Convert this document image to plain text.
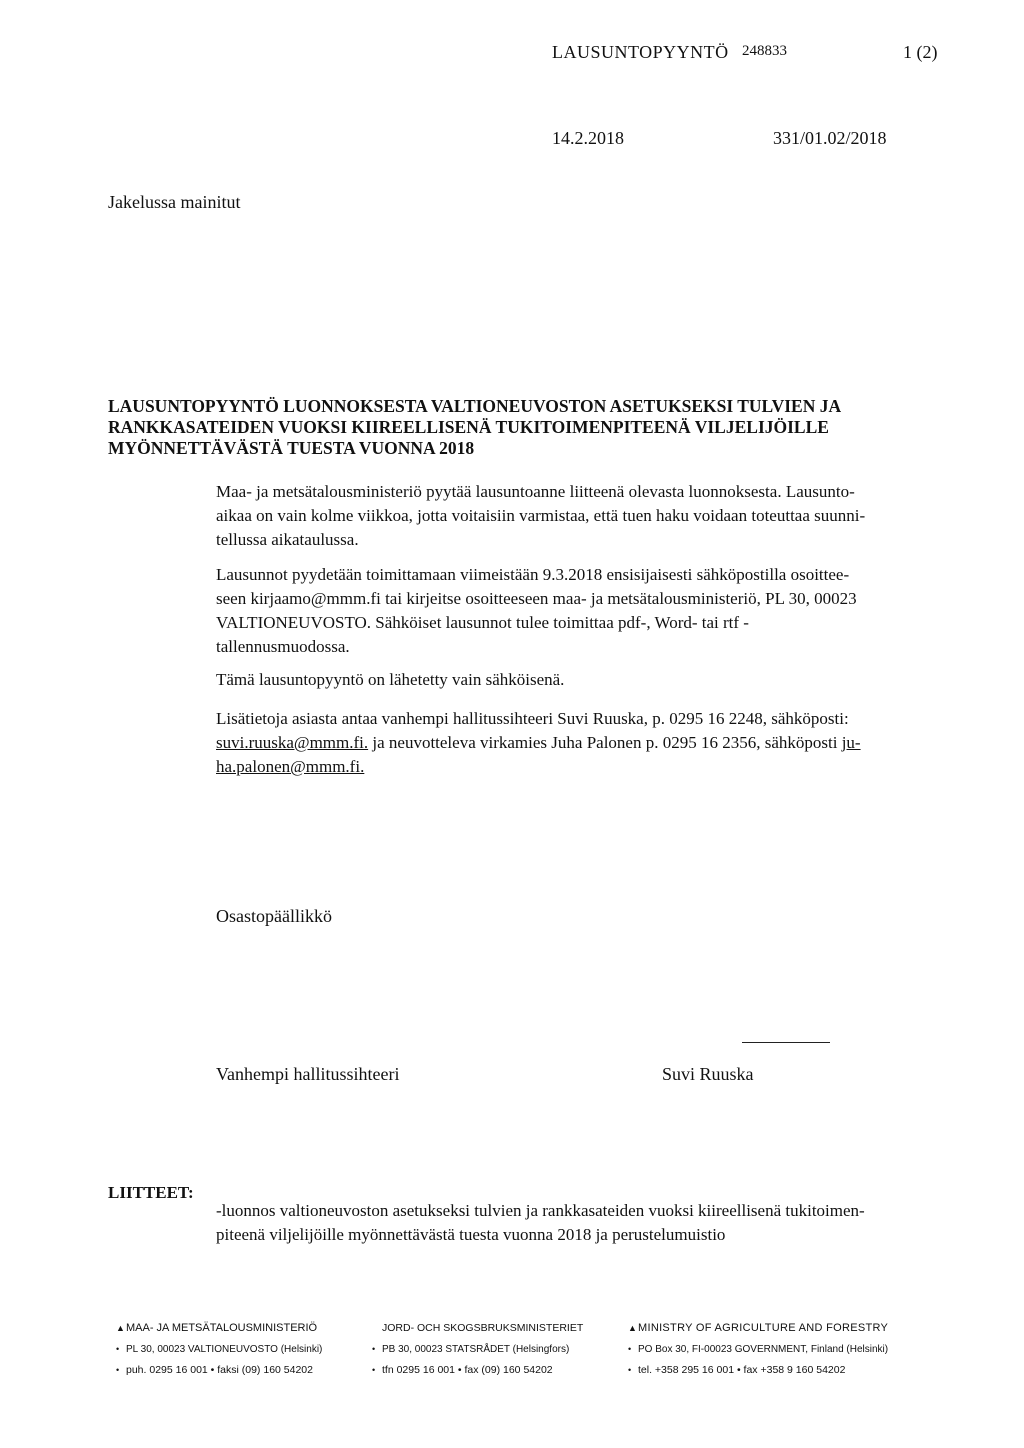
LAUSUNTOPYYNTÖ 248833	1 (2)
14.2.2018	331/01.02/2018
Jakelussa mainitut
LAUSUNTOPYYNTÖ LUONNOKSESTA VALTIONEUVOSTON ASETUKSEKSI TULVIEN JA
RANKKASATEIDEN VUOKSI KIIREELLISENÄ TUKITOIMENPITEENÄ VILJELIJÖILLE
MYÖNNETTÄVÄSTÄ TUESTA VUONNA 2018
Maa- ja metsätalousministeriö pyytää lausuntoanne liitteenä olevasta luonnoksesta. Lausunto-
aikaa on vain kolme viikkoa, jotta voitaisiin varmistaa, että tuen haku voidaan toteuttaa suunni-
tellussa aikataulussa.
Lausunnot pyydetään toimittamaan viimeistään 9.3.2018 ensisijaisesti sähköpostilla osoittee-
seen kirjaamo@mmm.fi tai kirjeitse osoitteeseen maa- ja metsätalousministeriö, PL 30, 00023
VALTIONEUVOSTO. Sähköiset lausunnot tulee toimittaa pdf-, Word- tai rtf -
tallennusmuodossa.
Tämä lausuntopyyntö on lähetetty vain sähköisenä.
Lisätietoja asiasta antaa vanhempi hallitussihteeri Suvi Ruuska, p. 0295 16 2248, sähköposti:
suvi.ruuska@mmm.fi. ja neuvotteleva virkamies Juha Palonen p. 0295 16 2356, sähköposti ju-
ha.palonen@mmm.fi.
Osastopäällikkö
Vanhempi hallitussihteeri	Suvi Ruuska
LIITTEET:
-luonnos valtioneuvoston asetukseksi tulvien ja rankkasateiden vuoksi kiireellisenä tukitoimen-
piteenä viljelijöille myönnettävästä tuesta vuonna 2018 ja perustelumuistio
▲MAA- JA METSÄTALOUSMINISTERIÖ
• PL 30, 00023 VALTIONEUVOSTO (Helsinki)
• puh. 0295 16 001 • faksi (09) 160 54202
JORD- OCH SKOGSBRUKSMINISTERIET
• PB 30, 00023 STATSRÅDET (Helsingfors)
• tfn 0295 16 001 • fax (09) 160 54202
▲MINISTRY OF AGRICULTURE AND FORESTRY
• PO Box 30, FI-00023 GOVERNMENT, Finland (Helsinki)
• tel. +358 295 16 001 • fax +358 9 160 54202
